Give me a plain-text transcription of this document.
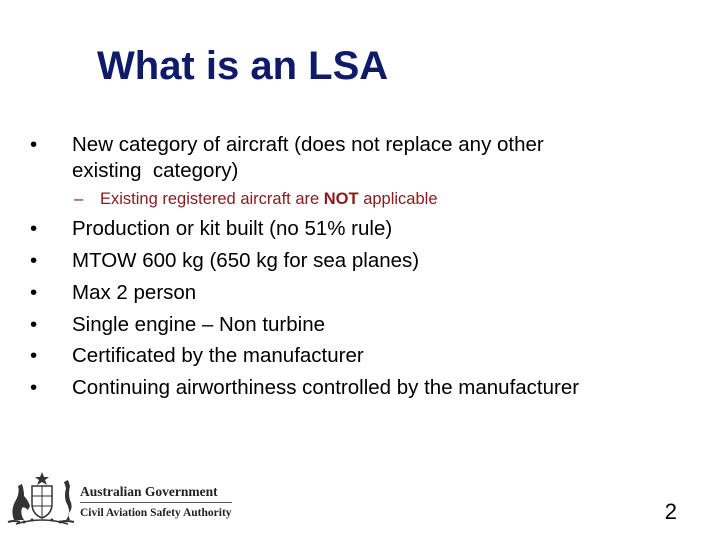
What is an LSA
•	New category of aircraft (does not replace any other
existing  category)
– Existing registered aircraft are NOT applicable
•	Production or kit built (no 51% rule)
•	MTOW 600 kg (650 kg for sea planes)
•	Max 2 person
•	Single engine – Non turbine
•	Certificated by the manufacturer
•	Continuing airworthiness controlled by the manufacturer
Australian Government
Civil Aviation Safety Authority	2
